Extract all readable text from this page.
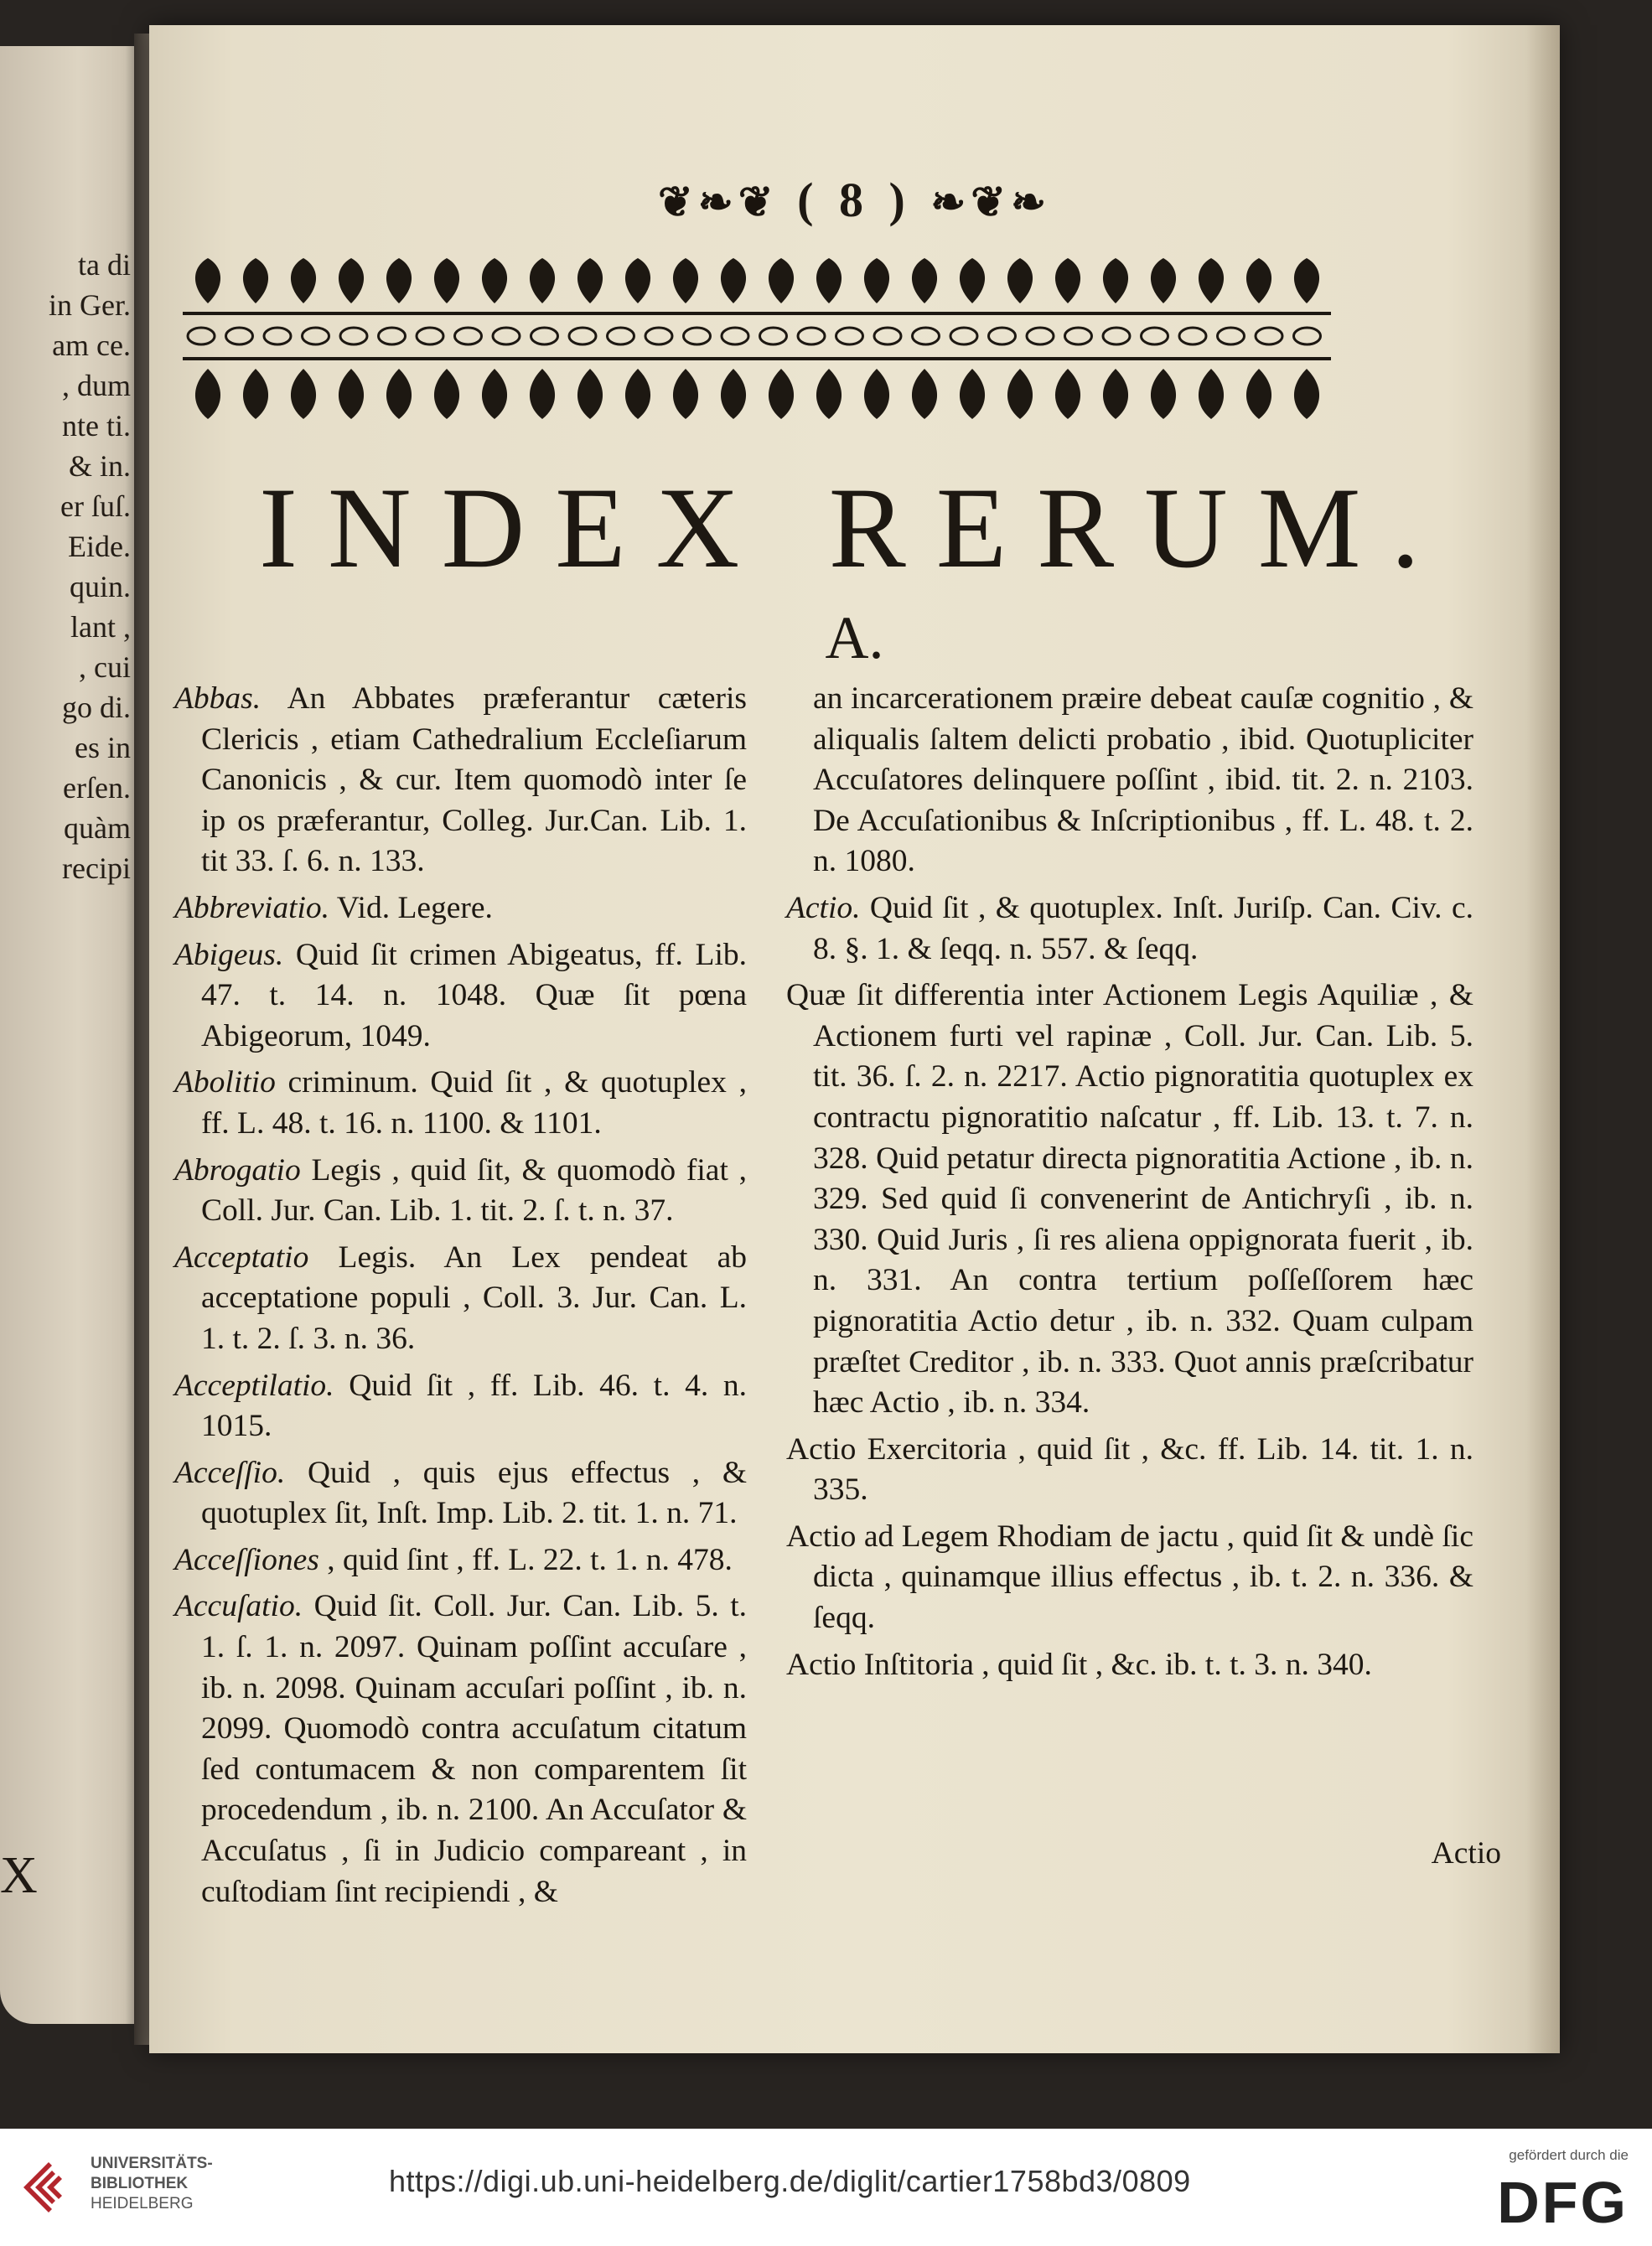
ta di
in Ger.
am ce.
, dum
nte ti.
& in.
er ſuſ.
Eide.
quin.
lant ,
, cui
go di.
es in
erſen.
quàm
recipi
X
❦❧❦ ( 8 ) ❧❦❧
INDEX RERUM.
A.

Abbas. An Abbates præferantur cæteris Clericis , etiam Cathedralium Eccleſiarum Canonicis , & cur. Item quomodò inter ſe ip os præferantur, Colleg. Jur.Can. Lib. 1. tit 33. ſ. 6. n. 133.

Abbreviatio. Vid. Legere.

Abigeus. Quid ſit crimen Abigeatus, ff. Lib. 47. t. 14. n. 1048. Quæ ſit pœna Abigeorum, 1049.

Abolitio criminum. Quid ſit , & quotuplex , ff. L. 48. t. 16. n. 1100. & 1101.

Abrogatio Legis , quid ſit, & quomodò fiat , Coll. Jur. Can. Lib. 1. tit. 2. ſ. t. n. 37.

Acceptatio Legis. An Lex pendeat ab acceptatione populi , Coll. 3. Jur. Can. L. 1. t. 2. ſ. 3. n. 36.

Acceptilatio. Quid ſit , ff. Lib. 46. t. 4. n. 1015.

Acceſſio. Quid , quis ejus effectus , & quotuplex ſit, Inſt. Imp. Lib. 2. tit. 1. n. 71.

Acceſſiones , quid ſint , ff. L. 22. t. 1. n. 478.

Accuſatio. Quid ſit. Coll. Jur. Can. Lib. 5. t. 1. ſ. 1. n. 2097. Quinam poſſint accuſare , ib. n. 2098. Quinam accuſari poſſint , ib. n. 2099. Quomodò contra accuſatum citatum ſed contumacem & non comparentem ſit procedendum , ib. n. 2100. An Accuſator & Accuſatus , ſi in Judicio compareant , in cuſtodiam ſint recipiendi , &

an incarcerationem præire debeat cauſæ cognitio , & aliqualis ſaltem delicti probatio , ibid. Quotupliciter Accuſatores delinquere poſſint , ibid. tit. 2. n. 2103. De Accuſationibus & Inſcriptionibus , ff. L. 48. t. 2. n. 1080.

Actio. Quid ſit , & quotuplex. Inſt. Juriſp. Can. Civ. c. 8. §. 1. & ſeqq. n. 557. & ſeqq.

Quæ ſit differentia inter Actionem Legis Aquiliæ , & Actionem furti vel rapinæ , Coll. Jur. Can. Lib. 5. tit. 36. ſ. 2. n. 2217. Actio pignoratitia quotuplex ex contractu pignoratitio naſcatur , ff. Lib. 13. t. 7. n. 328. Quid petatur directa pignoratitia Actione , ib. n. 329. Sed quid ſi convenerint de Antichryſi , ib. n. 330. Quid Juris , ſi res aliena oppignorata fuerit , ib. n. 331. An contra tertium poſſeſſorem hæc pignoratitia Actio detur , ib. n. 332. Quam culpam præſtet Creditor , ib. n. 333. Quot annis præſcribatur hæc Actio , ib. n. 334.

Actio Exercitoria , quid ſit , &c. ff. Lib. 14. tit. 1. n. 335.

Actio ad Legem Rhodiam de jactu , quid ſit & undè ſic dicta , quinamque illius effectus , ib. t. 2. n. 336. & ſeqq.

Actio Inſtitoria , quid ſit , &c. ib. t. t. 3. n. 340.

Actio
UNIVERSITÄTS-
BIBLIOTHEK
HEIDELBERG
https://digi.ub.uni-heidelberg.de/diglit/cartier1758bd3/0809
gefördert durch die
DFG
